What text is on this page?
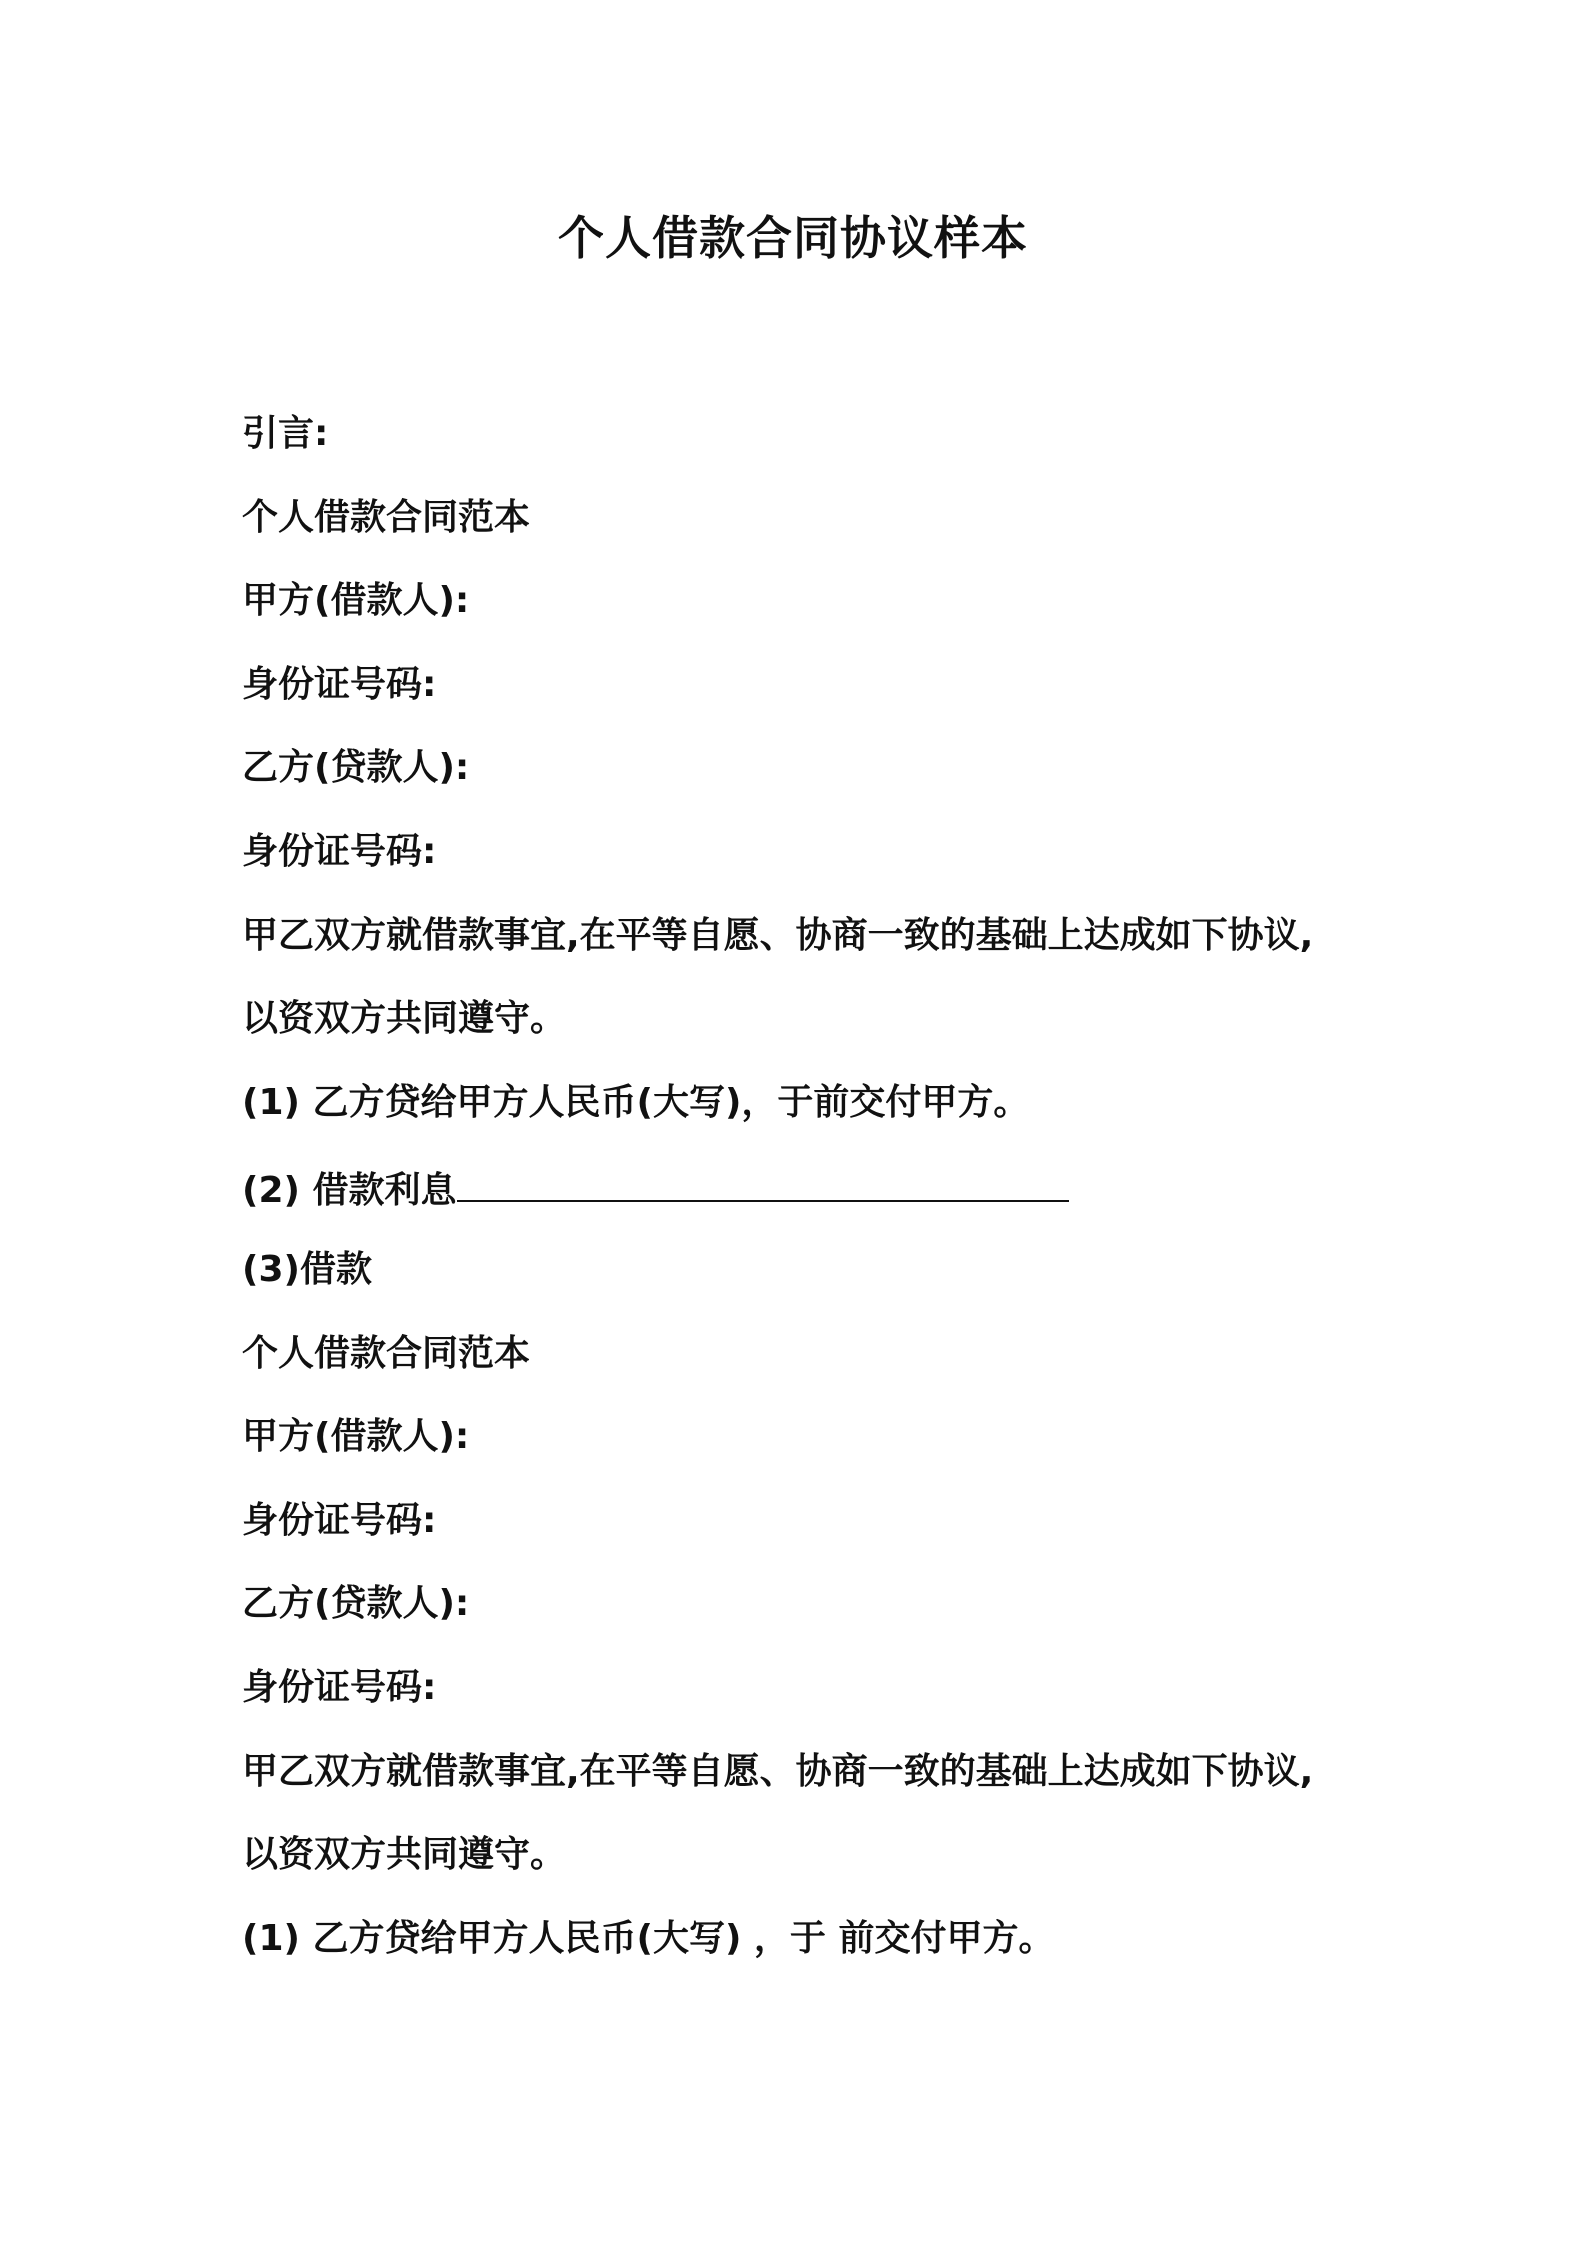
个人借款合同协议样本
引言:
个人借款合同范本
甲方(借款人):
身份证号码:
乙方(贷款人):
身份证号码:
甲乙双方就借款事宜,在平等自愿、协商一致的基础上达成如下协议,
以资双方共同遵守。
(1) 乙方贷给甲方人民币(大写)，于前交付甲方。
(2) 借款利息
(3)借款
个人借款合同范本
甲方(借款人):
身份证号码:
乙方(贷款人):
身份证号码:
甲乙双方就借款事宜,在平等自愿、协商一致的基础上达成如下协议,
以资双方共同遵守。
(1) 乙方贷给甲方人民币(大写) ，于 前交付甲方。
